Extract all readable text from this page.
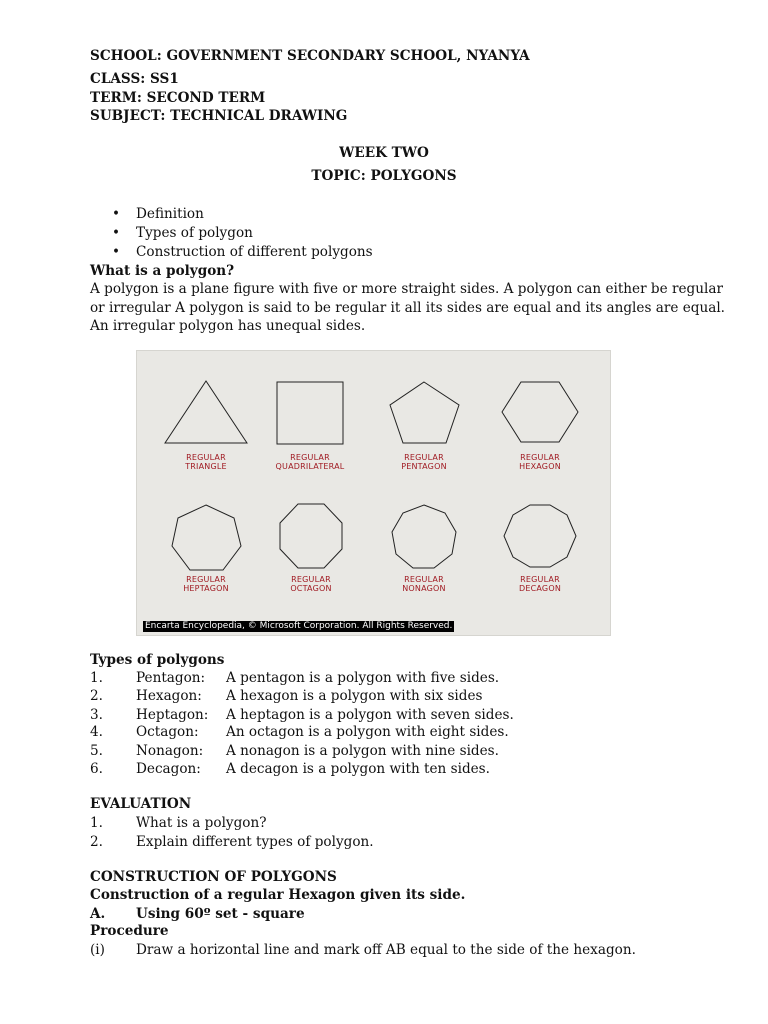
SCHOOL: GOVERNMENT SECONDARY SCHOOL, NYANYA
CLASS: SS1
TERM: SECOND TERM
SUBJECT: TECHNICAL DRAWING
WEEK TWO
TOPIC: POLYGONS
• Definition
• Types of polygon
• Construction of different polygons
What is a polygon?
A polygon is a plane figure with five or more straight sides. A polygon can either be regular
or irregular A polygon is said to be regular it all its sides are equal and its angles are equal.
An irregular polygon has unequal sides.
REGULAR
TRIANGLE
REGULAR
QUADRILATERAL
REGULAR
PENTAGON
REGULAR
HEXAGON
REGULAR
HEPTAGON
REGULAR
OCTAGON
REGULAR
NONAGON
REGULAR
DECAGON
Encarta Encyclopedia, © Microsoft Corporation. All Rights Reserved.
Types of polygons
1. Pentagon: A pentagon is a polygon with five sides.
2. Hexagon: A hexagon is a polygon with six sides
3. Heptagon: A heptagon is a polygon with seven sides.
4. Octagon: An octagon is a polygon with eight sides.
5. Nonagon: A nonagon is a polygon with nine sides.
6. Decagon: A decagon is a polygon with ten sides.
EVALUATION
1. What is a polygon?
2. Explain different types of polygon.
CONSTRUCTION OF POLYGONS
Construction of a regular Hexagon given its side.
A. Using 60º set - square
Procedure
(i) Draw a horizontal line and mark off AB equal to the side of the hexagon.
